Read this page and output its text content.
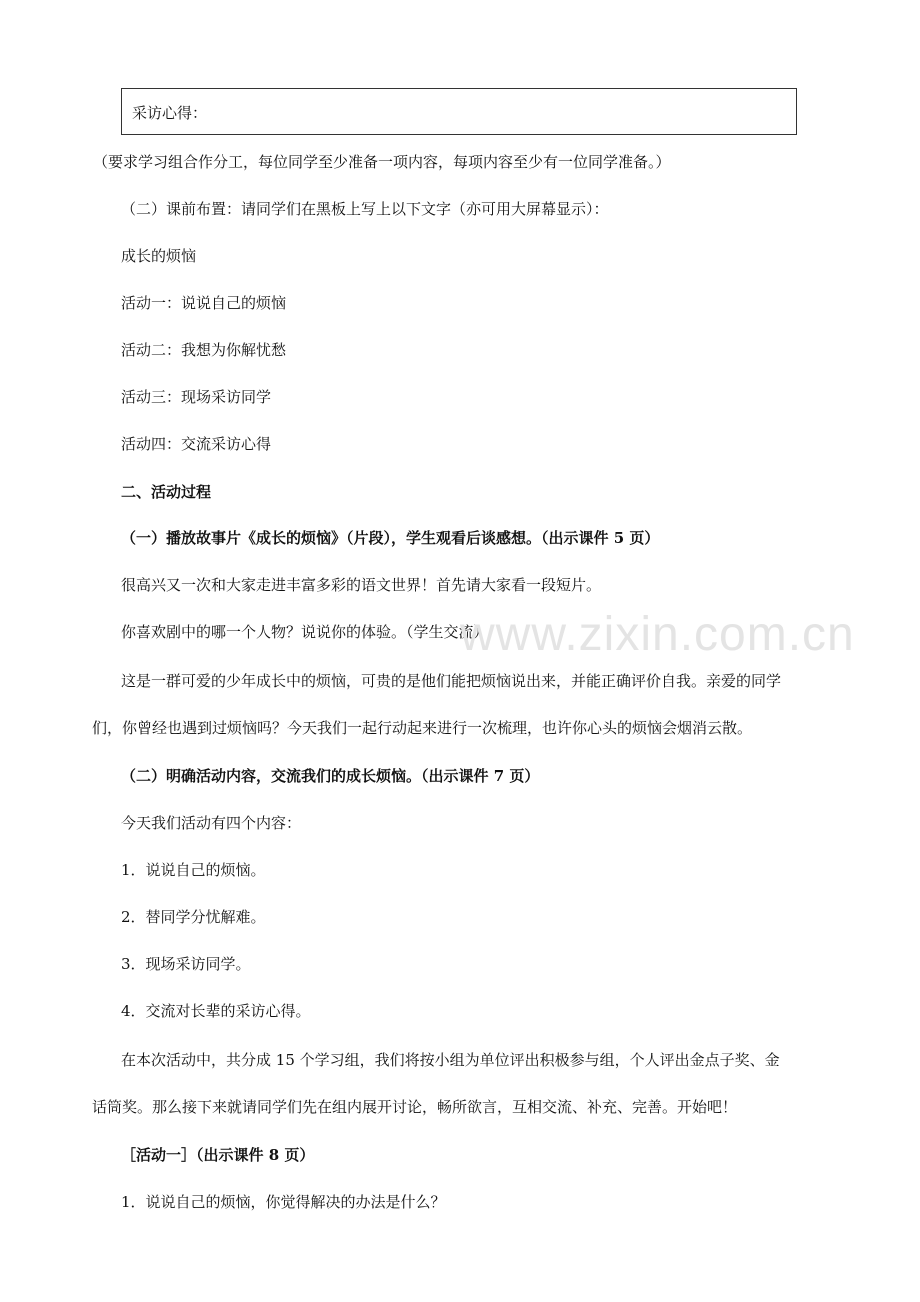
采访心得：
（要求学习组合作分工，每位同学至少准备一项内容，每项内容至少有一位同学准备。）
（二）课前布置：请同学们在黑板上写上以下文字（亦可用大屏幕显示）：
成长的烦恼
活动一：说说自己的烦恼
活动二：我想为你解忧愁
活动三：现场采访同学
活动四：交流采访心得
二、活动过程
（一）播放故事片《成长的烦恼》（片段），学生观看后谈感想。（出示课件 5 页）
很高兴又一次和大家走进丰富多彩的语文世界！首先请大家看一段短片。
你喜欢剧中的哪一个人物？说说你的体验。（学生交流）
这是一群可爱的少年成长中的烦恼，可贵的是他们能把烦恼说出来，并能正确评价自我。亲爱的同学
们，你曾经也遇到过烦恼吗？今天我们一起行动起来进行一次梳理，也许你心头的烦恼会烟消云散。
（二）明确活动内容，交流我们的成长烦恼。（出示课件 7 页）
今天我们活动有四个内容：
1．说说自己的烦恼。
2．替同学分忧解难。
3．现场采访同学。
4．交流对长辈的采访心得。
在本次活动中，共分成 15 个学习组，我们将按小组为单位评出积极参与组，个人评出金点子奖、金
话筒奖。那么接下来就请同学们先在组内展开讨论，畅所欲言，互相交流、补充、完善。开始吧！
［活动一］（出示课件 8 页）
1．说说自己的烦恼，你觉得解决的办法是什么？
www.zixin.com.cn
